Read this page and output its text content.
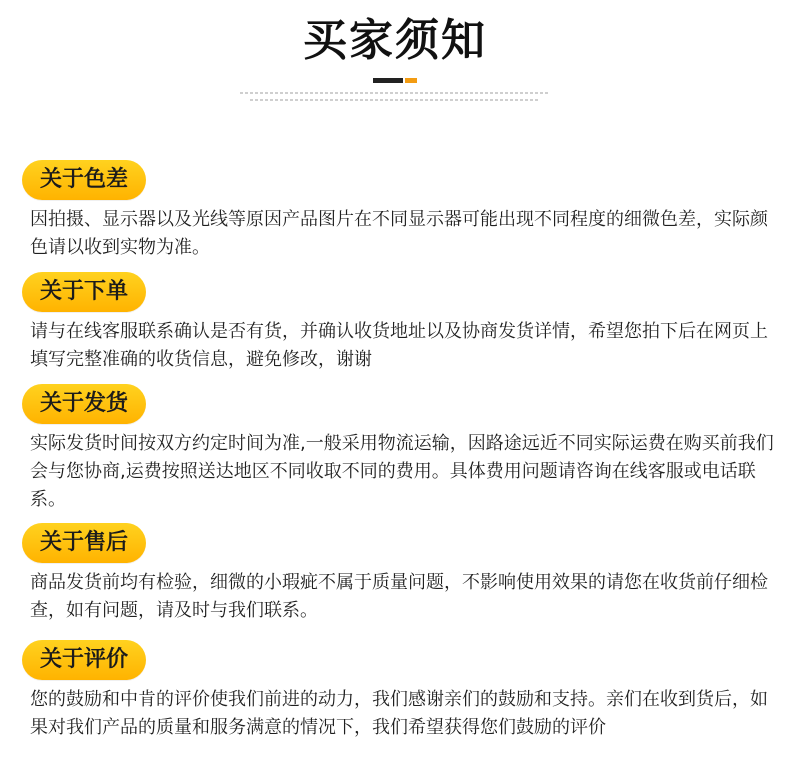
买家须知
关于色差
因拍摄、显示器以及光线等原因产品图片在不同显示器可能出现不同程度的细微色差，实际颜色请以收到实物为准。
关于下单
请与在线客服联系确认是否有货，并确认收货地址以及协商发货详情，希望您拍下后在网页上填写完整准确的收货信息，避免修改，谢谢
关于发货
实际发货时间按双方约定时间为准,一般采用物流运输，因路途远近不同实际运费在购买前我们会与您协商,运费按照送达地区不同收取不同的费用。具体费用问题请咨询在线客服或电话联系。
关于售后
商品发货前均有检验，细微的小瑕疵不属于质量问题，不影响使用效果的请您在收货前仔细检查，如有问题，请及时与我们联系。
关于评价
您的鼓励和中肯的评价使我们前进的动力，我们感谢亲们的鼓励和支持。亲们在收到货后，如果对我们产品的质量和服务满意的情况下，我们希望获得您们鼓励的评价
